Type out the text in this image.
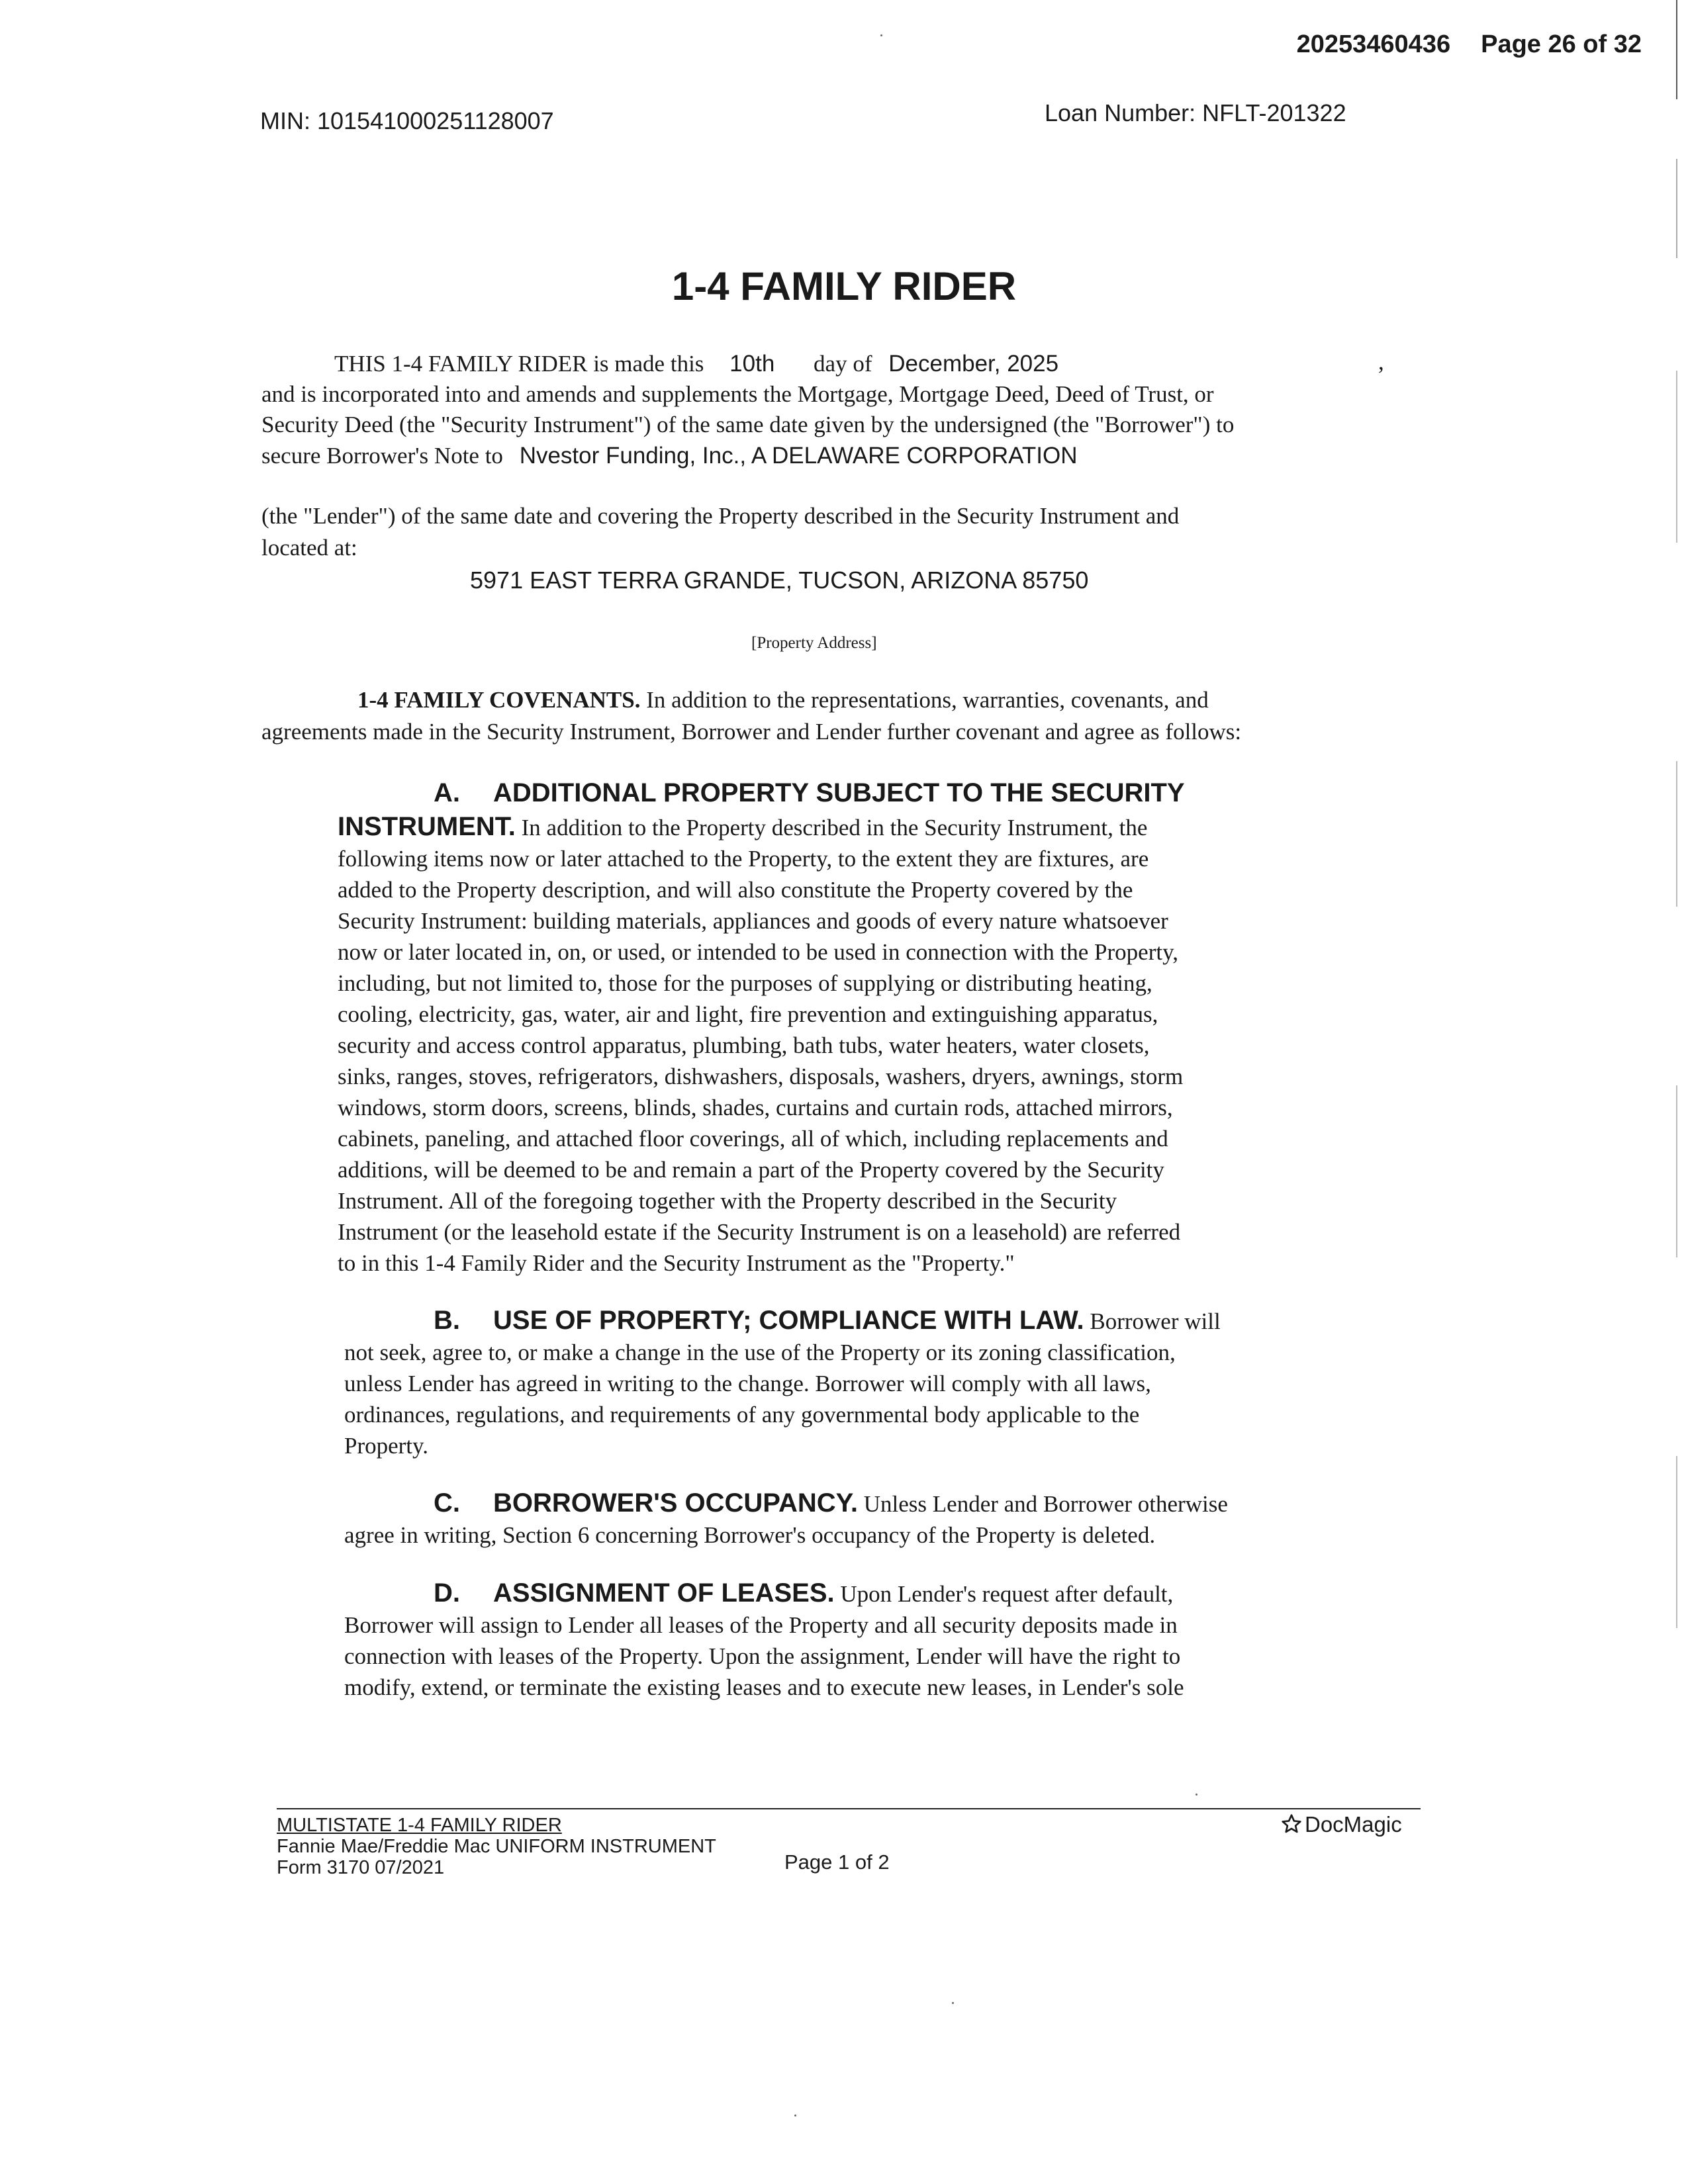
20253460436 Page 26 of 32
MIN: 101541000251128007	Loan Number: NFLT-201322
1-4 FAMILY RIDER
THIS 1-4 FAMILY RIDER is made this 10th day of December, 2025	,
and is incorporated into and amends and supplements the Mortgage, Mortgage Deed, Deed of Trust, or
Security Deed (the "Security Instrument") of the same date given by the undersigned (the "Borrower") to
secure Borrower's Note to Nvestor Funding, Inc., A DELAWARE CORPORATION
(the "Lender") of the same date and covering the Property described in the Security Instrument and
located at:
5971 EAST TERRA GRANDE, TUCSON, ARIZONA 85750
[Property Address]
1-4 FAMILY COVENANTS. In addition to the representations, warranties, covenants, and
agreements made in the Security Instrument, Borrower and Lender further covenant and agree as follows:
A. ADDITIONAL PROPERTY SUBJECT TO THE SECURITY
INSTRUMENT. In addition to the Property described in the Security Instrument, the
following items now or later attached to the Property, to the extent they are fixtures, are
added to the Property description, and will also constitute the Property covered by the
Security Instrument: building materials, appliances and goods of every nature whatsoever
now or later located in, on, or used, or intended to be used in connection with the Property,
including, but not limited to, those for the purposes of supplying or distributing heating,
cooling, electricity, gas, water, air and light, fire prevention and extinguishing apparatus,
security and access control apparatus, plumbing, bath tubs, water heaters, water closets,
sinks, ranges, stoves, refrigerators, dishwashers, disposals, washers, dryers, awnings, storm
windows, storm doors, screens, blinds, shades, curtains and curtain rods, attached mirrors,
cabinets, paneling, and attached floor coverings, all of which, including replacements and
additions, will be deemed to be and remain a part of the Property covered by the Security
Instrument. All of the foregoing together with the Property described in the Security
Instrument (or the leasehold estate if the Security Instrument is on a leasehold) are referred
to in this 1-4 Family Rider and the Security Instrument as the "Property."
B. USE OF PROPERTY; COMPLIANCE WITH LAW. Borrower will
not seek, agree to, or make a change in the use of the Property or its zoning classification,
unless Lender has agreed in writing to the change. Borrower will comply with all laws,
ordinances, regulations, and requirements of any governmental body applicable to the
Property.
C. BORROWER'S OCCUPANCY. Unless Lender and Borrower otherwise
agree in writing, Section 6 concerning Borrower's occupancy of the Property is deleted.
D. ASSIGNMENT OF LEASES. Upon Lender's request after default,
Borrower will assign to Lender all leases of the Property and all security deposits made in
connection with leases of the Property. Upon the assignment, Lender will have the right to
modify, extend, or terminate the existing leases and to execute new leases, in Lender's sole
MULTISTATE 1-4 FAMILY RIDER
Fannie Mae/Freddie Mac UNIFORM INSTRUMENT
Form 3170 07/2021	Page 1 of 2
DocMagic
